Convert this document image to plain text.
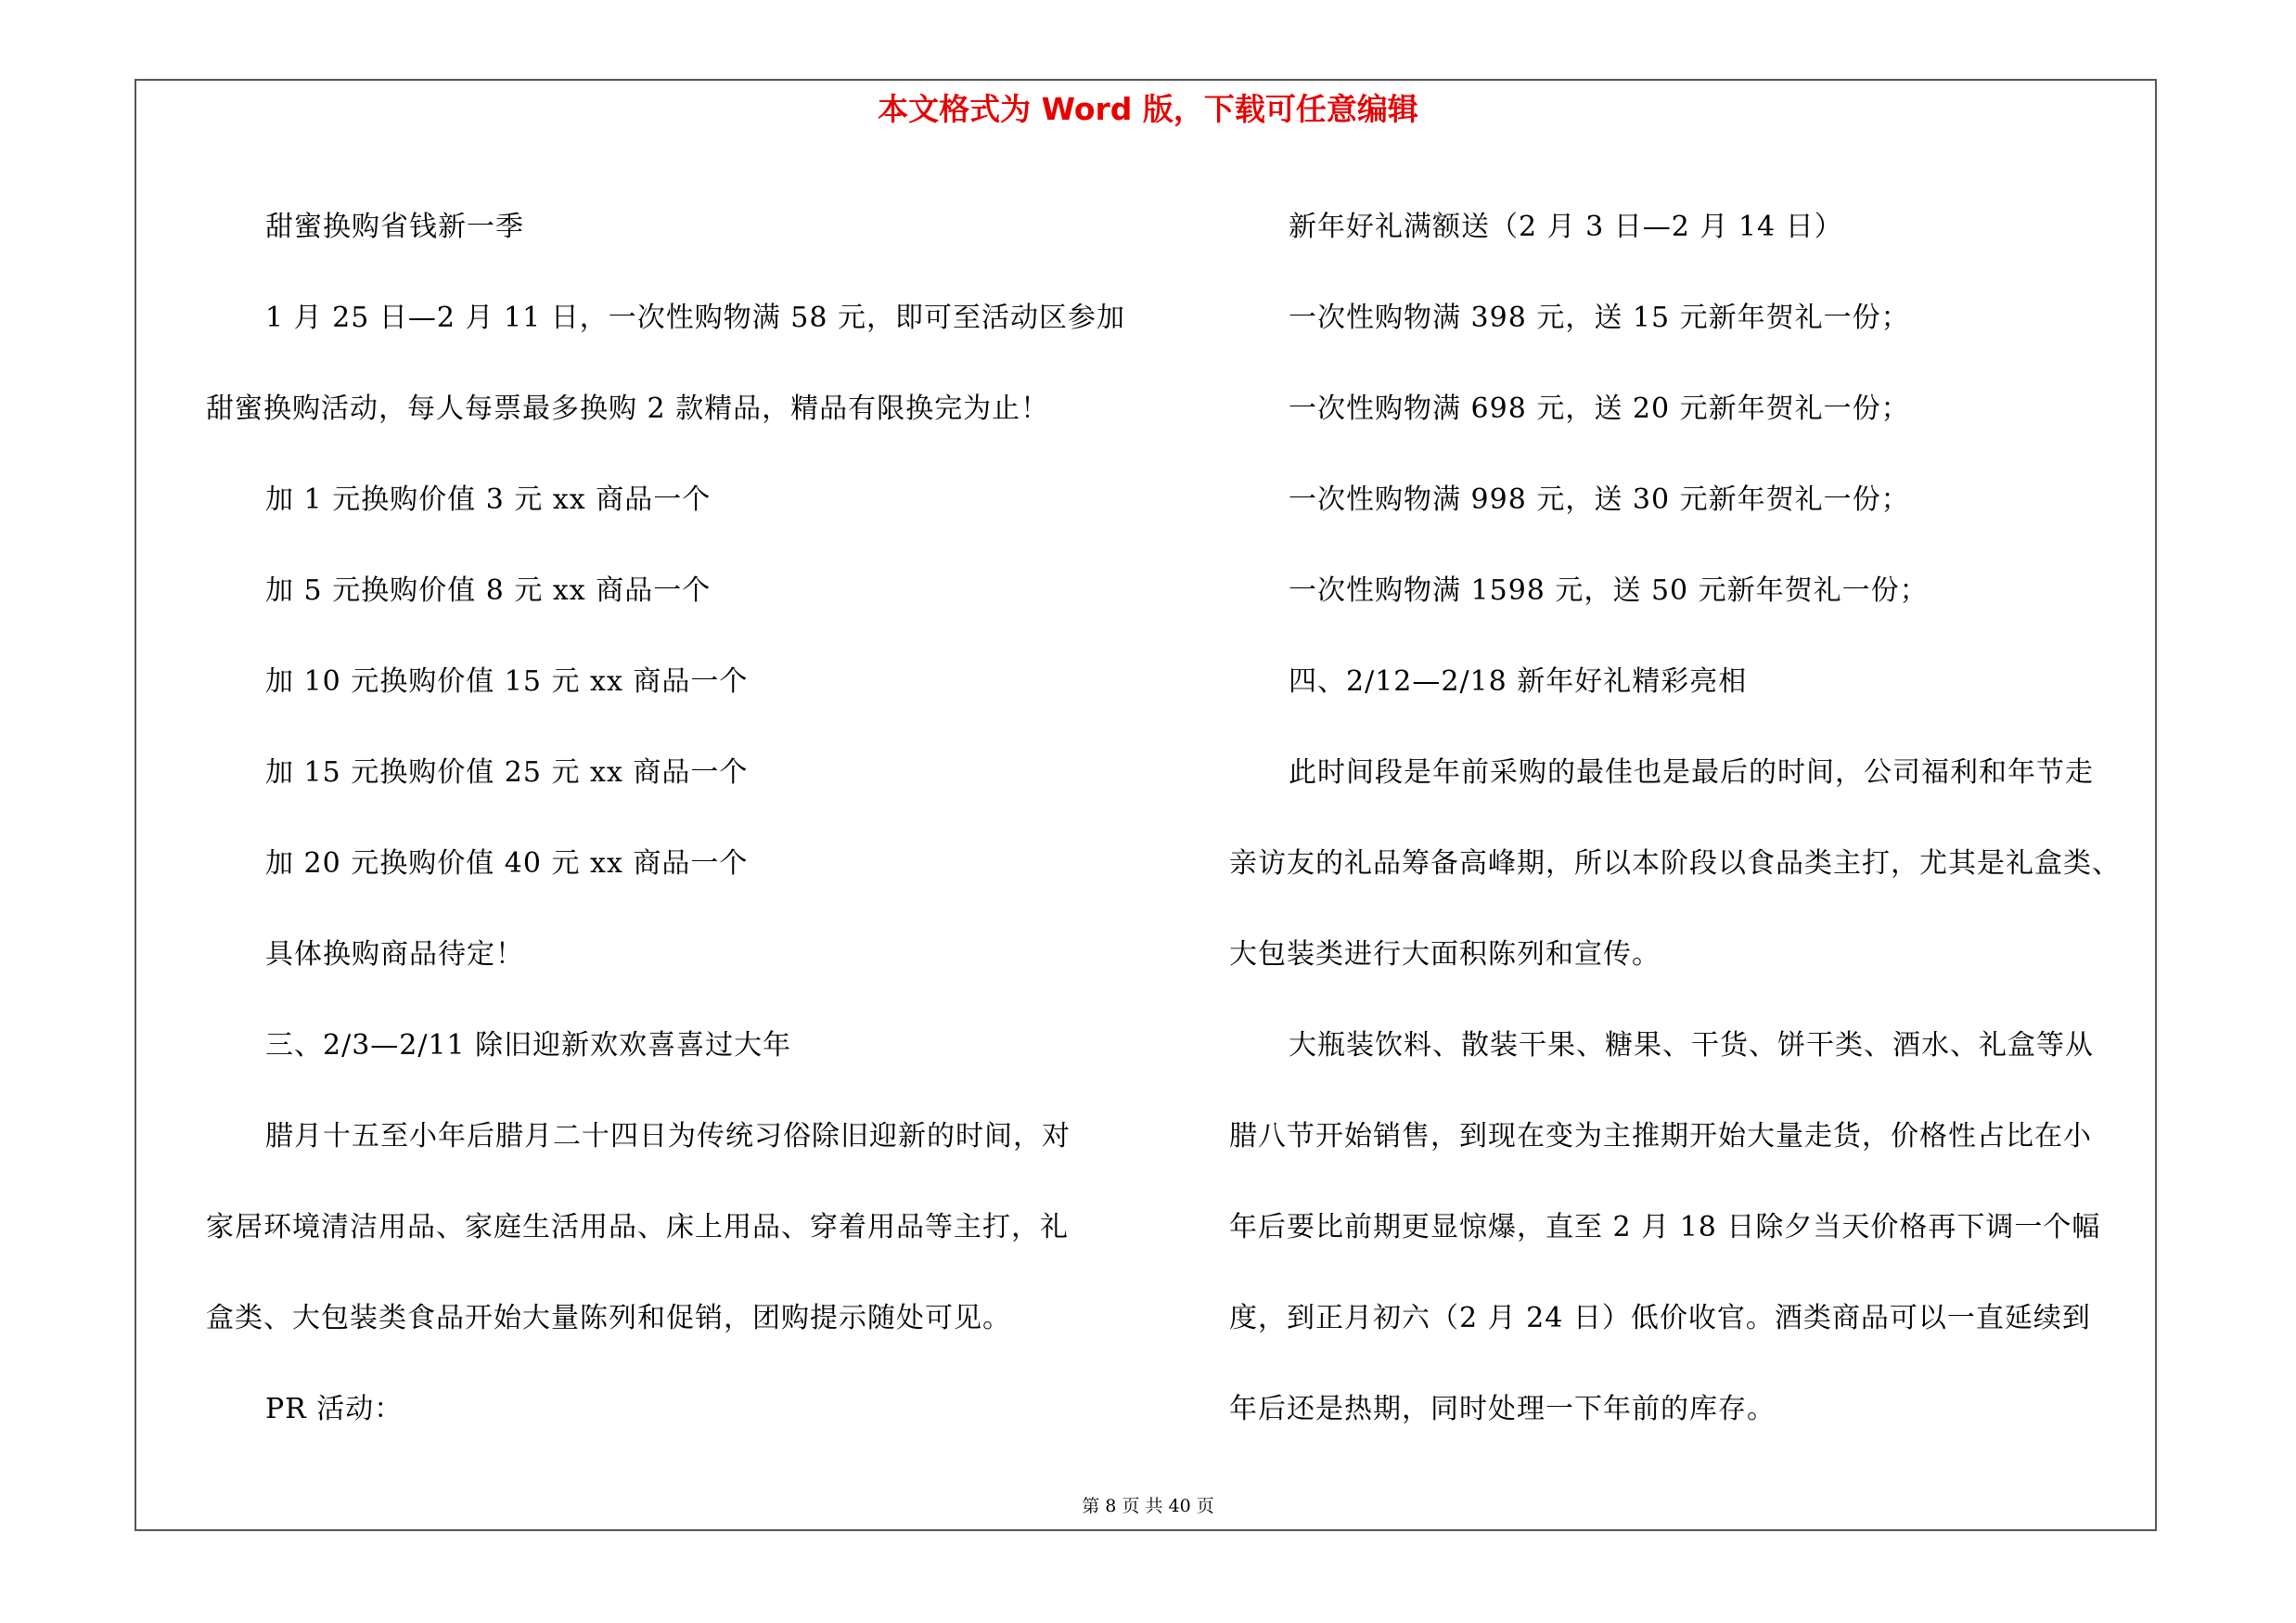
本文格式为 Word 版，下载可任意编辑

甜蜜换购省钱新一季

1 月 25 日—2 月 11 日，一次性购物满 58 元，即可至活动区参加

甜蜜换购活动，每人每票最多换购 2 款精品，精品有限换完为止！

加 1 元换购价值 3 元 xx 商品一个

加 5 元换购价值 8 元 xx 商品一个

加 10 元换购价值 15 元 xx 商品一个

加 15 元换购价值 25 元 xx 商品一个

加 20 元换购价值 40 元 xx 商品一个

具体换购商品待定！

三、2/3—2/11 除旧迎新欢欢喜喜过大年

腊月十五至小年后腊月二十四日为传统习俗除旧迎新的时间，对

家居环境清洁用品、家庭生活用品、床上用品、穿着用品等主打，礼

盒类、大包装类食品开始大量陈列和促销，团购提示随处可见。

PR 活动：

新年好礼满额送（2 月 3 日—2 月 14 日）

一次性购物满 398 元，送 15 元新年贺礼一份；

一次性购物满 698 元，送 20 元新年贺礼一份；

一次性购物满 998 元，送 30 元新年贺礼一份；

一次性购物满 1598 元，送 50 元新年贺礼一份；

四、2/12—2/18 新年好礼精彩亮相

此时间段是年前采购的最佳也是最后的时间，公司福利和年节走

亲访友的礼品筹备高峰期，所以本阶段以食品类主打，尤其是礼盒类、

大包装类进行大面积陈列和宣传。

大瓶装饮料、散装干果、糖果、干货、饼干类、酒水、礼盒等从

腊八节开始销售，到现在变为主推期开始大量走货，价格性占比在小

年后要比前期更显惊爆，直至 2 月 18 日除夕当天价格再下调一个幅

度，到正月初六（2 月 24 日）低价收官。酒类商品可以一直延续到

年后还是热期，同时处理一下年前的库存。

第 8 页 共 40 页
